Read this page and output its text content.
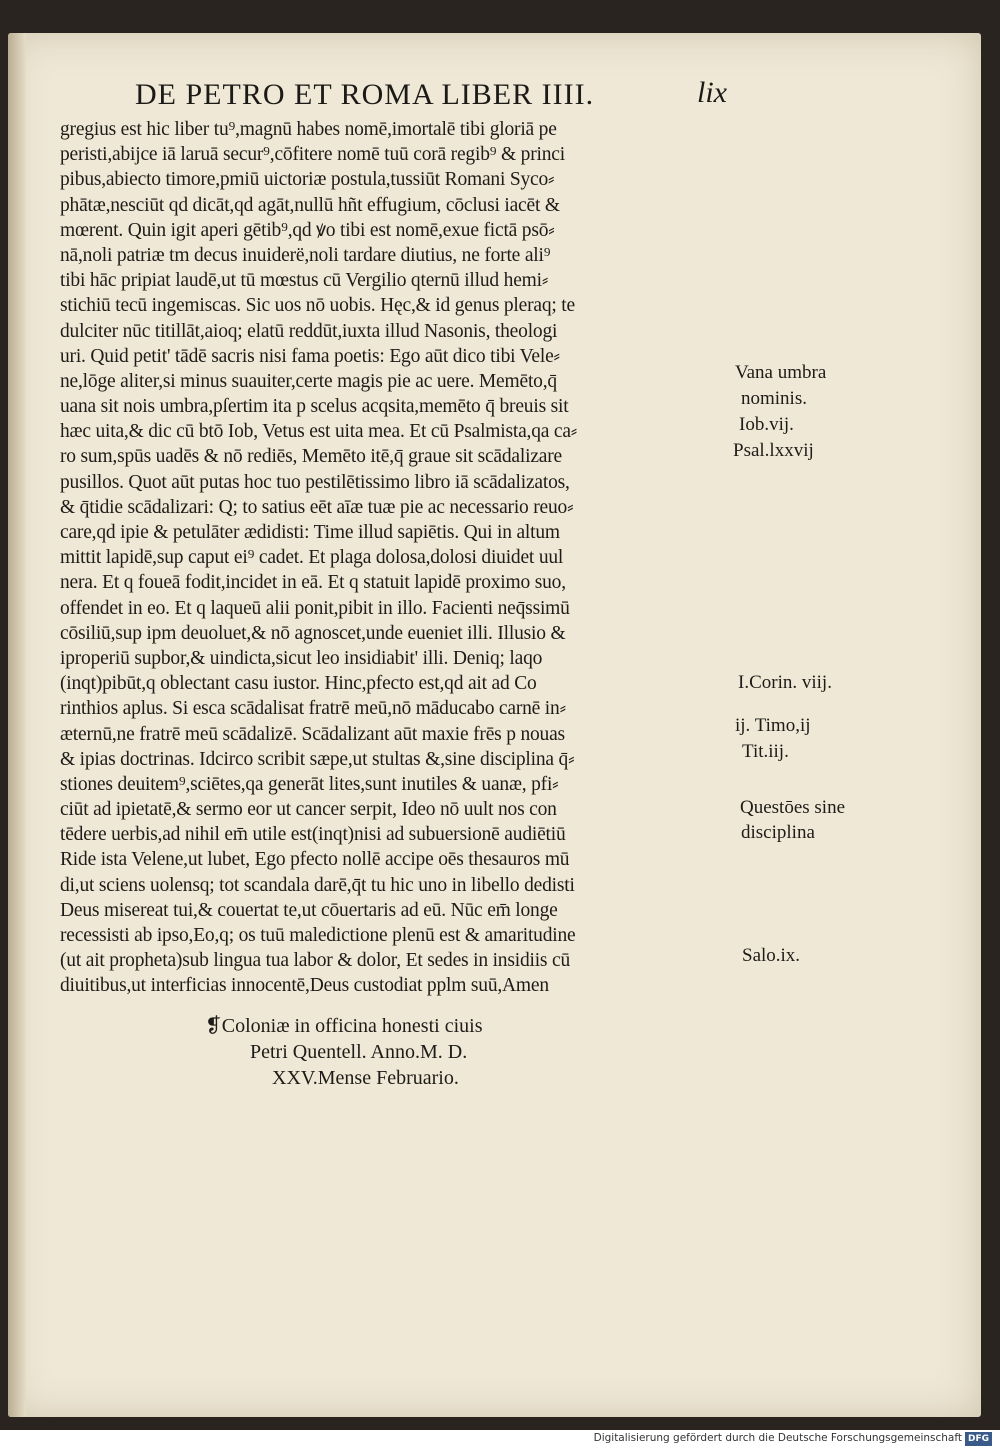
DE PETRO ET ROMA LIBER IIII.	lix
gregius est hic liber tu⁹,magnū habes nomē,imortalē tibi gloriā pe
peristi,abijce iā laruā secur⁹,cōfitere nomē tuū corā regib⁹ & princi
pibus,abiecto timore,pmiū uictoriæ postula,tussiūt Romani Syco⸗
phātæ,nesciūt qd dicāt,qd agāt,nullū hñt effugium, cōclusi iacēt &
mœrent. Quin igit aperi gētib⁹,qd ꝟo tibi est nomē,exue fictā psō⸗
nā,noli patriæ tm decus inuiderë,noli tardare diutius, ne forte ali⁹
tibi hāc pripiat laudē,ut tū mœstus cū Vergilio qternū illud hemi⸗
stichiū tecū ingemiscas. Sic uos nō uobis. Hęc,& id genus pleraq; te
dulciter nūc titillāt,aioq; elatū reddūt,iuxta illud Nasonis, theologi
uri. Quid petit' tādē sacris nisi fama poetis: Ego aūt dico tibi Vele⸗
ne,lōge aliter,si minus suauiter,certe magis pie ac uere. Memēto,q̄
uana sit nois umbra,pſertim ita p scelus acqsita,memēto q̄ breuis sit
hæc uita,& dic cū btō Iob, Vetus est uita mea. Et cū Psalmista,qa ca⸗
ro sum,spūs uadēs & nō rediēs, Memēto itē,q̄ graue sit scādalizare
pusillos. Quot aūt putas hoc tuo pestilētissimo libro iā scādalizatos,
& q̄tidie scādalizari: Q; to satius eēt aīæ tuæ pie ac necessario reuo⸗
care,qd ipie & petulāter ædidisti: Time illud sapiētis. Qui in altum
mittit lapidē,sup caput ei⁹ cadet. Et plaga dolosa,dolosi diuidet uul
nera. Et q foueā fodit,incidet in eā. Et q statuit lapidē proximo suo,
offendet in eo. Et q laqueū alii ponit,pibit in illo. Facienti neq̄ssimū
cōsiliū,sup ipm deuoluet,& nō agnoscet,unde eueniet illi. Illusio &
iproperiū supbor,& uindicta,sicut leo insidiabit' illi. Deniq; laqo
(inqt)pibūt,q oblectant casu iustor. Hinc,pfecto est,qd ait ad Co
rinthios aplus. Si esca scādalisat fratrē meū,nō māducabo carnē in⸗
æternū,ne fratrē meū scādalizē. Scādalizant aūt maxie frēs p nouas
& ipias doctrinas. Idcirco scribit sæpe,ut stultas &,sine disciplina q̄⸗
stiones deuitem⁹,sciētes,qa generāt lites,sunt inutiles & uanæ, pfi⸗
ciūt ad ipietatē,& sermo eor ut cancer serpit, Ideo nō uult nos con
tēdere uerbis,ad nihil em̄ utile est(inqt)nisi ad subuersionē audiētiū
Ride ista Velene,ut lubet, Ego pfecto nollē accipe oēs thesauros mū
di,ut sciens uolensq; tot scandala darē,q̄t tu hic uno in libello dedisti
Deus misereat tui,& couertat te,ut cōuertaris ad eū. Nūc em̄ longe
recessisti ab ipso,Eo,q; os tuū maledictione plenū est & amaritudine
(ut ait propheta)sub lingua tua labor & dolor, Et sedes in insidiis cū
diuitibus,ut interficias innocentē,Deus custodiat pplm suū,Amen
Vana umbra
nominis.
Iob.vij.
Psal.lxxvij
I.Corin. viij.
ij. Timo,ij
Tit.iij.
Questōes sine
disciplina
Salo.ix.
❡Coloniæ in officina honesti ciuis
Petri Quentell. Anno.M. D.
XXV.Mense Februario.
Digitalisierung gefördert durch die Deutsche Forschungsgemeinschaft DFG
